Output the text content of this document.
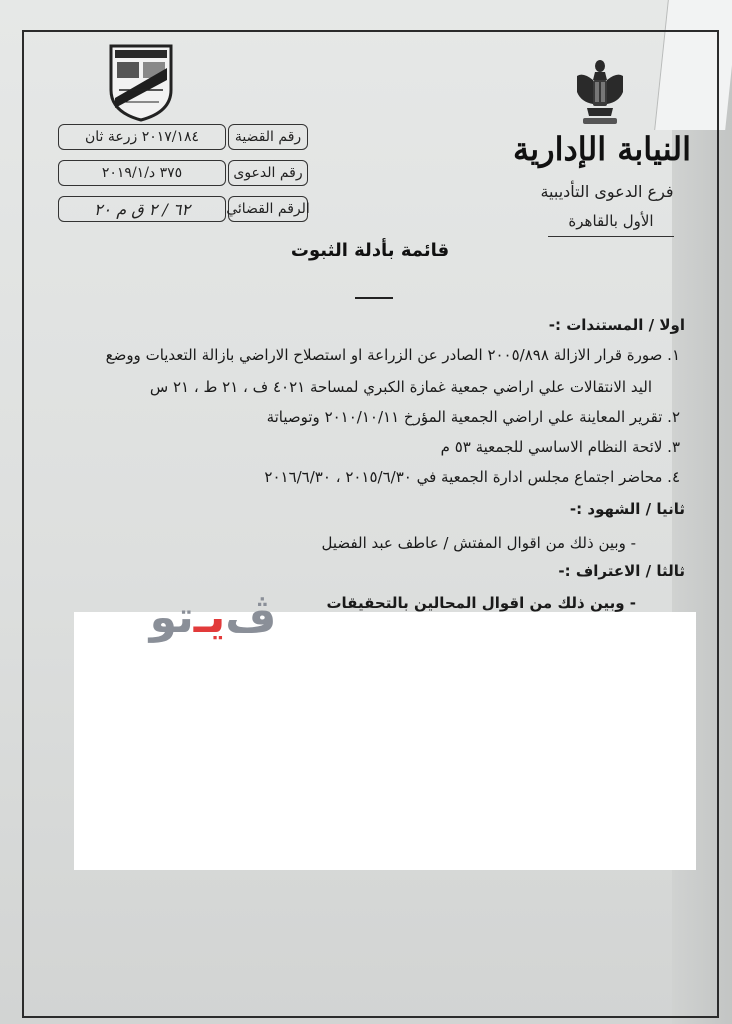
النيابة الإدارية
فرع الدعوى التأديبية
الأول بالقاهرة
رقم القضية
٢٠١٧/١٨٤ زرعة ثان
رقم الدعوى
٣٧٥ د/٢٠١٩/١
الرقم القضائي
٦٢ / ٢ ق م ٢٠
قائمة بأدلة الثبوت
اولا / المستندات :-
١. صورة قرار الازالة ٢٠٠٥/٨٩٨ الصادر عن الزراعة او استصلاح الاراضي بازالة التعديات ووضع
اليد الانتقالات علي اراضي جمعية غمازة الكبري لمساحة ٤٠٢١ ف ، ٢١ ط ، ٢١ س
٢. تقرير المعاينة علي اراضي الجمعية المؤرخ ٢٠١٠/١٠/١١ وتوصياتة
٣. لائحة النظام الاساسي للجمعية ٥٣ م
٤. محاضر اجتماع مجلس ادارة الجمعية في ٢٠١٥/٦/٣٠ ، ٢٠١٦/٦/٣٠
ثانيا / الشهود :-
- وبين ذلك من اقوال المفتش / عاطف عبد الفضيل
ثالثا / الاعتراف :-
- وبين ذلك من اقوال المحالين بالتحقيقات
ڤ
يـ
تو
